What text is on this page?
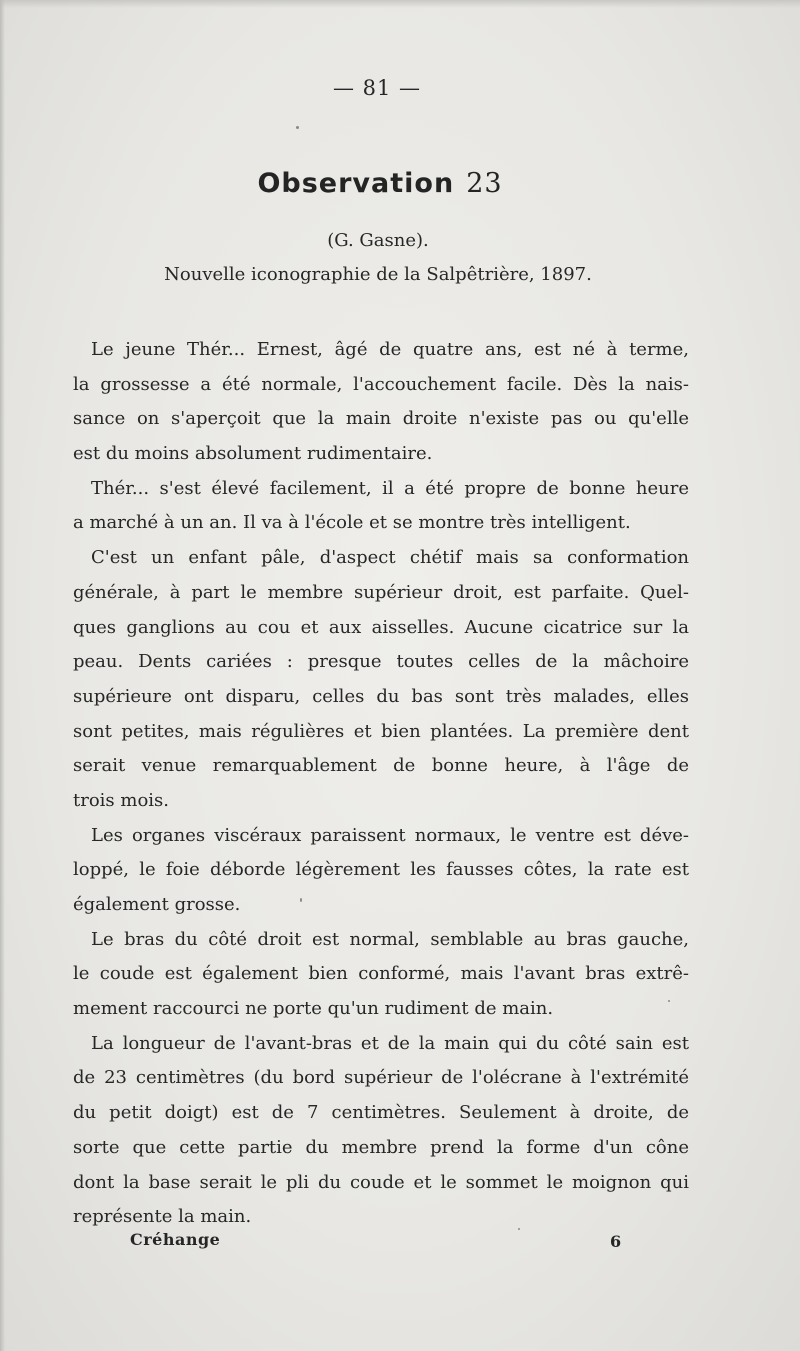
— 81 —
Observation 23
(G. Gasne).
Nouvelle iconographie de la Salpêtrière, 1897.
Le jeune Thér... Ernest, âgé de quatre ans, est né à terme,
la grossesse a été normale, l'accouchement facile. Dès la nais-
sance on s'aperçoit que la main droite n'existe pas ou qu'elle
est du moins absolument rudimentaire.
Thér... s'est élevé facilement, il a été propre de bonne heure
a marché à un an. Il va à l'école et se montre très intelligent.
C'est un enfant pâle, d'aspect chétif mais sa conformation
générale, à part le membre supérieur droit, est parfaite. Quel-
ques ganglions au cou et aux aisselles. Aucune cicatrice sur la
peau. Dents cariées : presque toutes celles de la mâchoire
supérieure ont disparu, celles du bas sont très malades, elles
sont petites, mais régulières et bien plantées. La première dent
serait venue remarquablement de bonne heure, à l'âge de
trois mois.
Les organes viscéraux paraissent normaux, le ventre est déve-
loppé, le foie déborde légèrement les fausses côtes, la rate est
également grosse.
Le bras du côté droit est normal, semblable au bras gauche,
le coude est également bien conformé, mais l'avant bras extrê-
mement raccourci ne porte qu'un rudiment de main.
La longueur de l'avant-bras et de la main qui du côté sain est
de 23 centimètres (du bord supérieur de l'olécrane à l'extrémité
du petit doigt) est de 7 centimètres. Seulement à droite, de
sorte que cette partie du membre prend la forme d'un cône
dont la base serait le pli du coude et le sommet le moignon qui
représente la main.
Créhange	6
